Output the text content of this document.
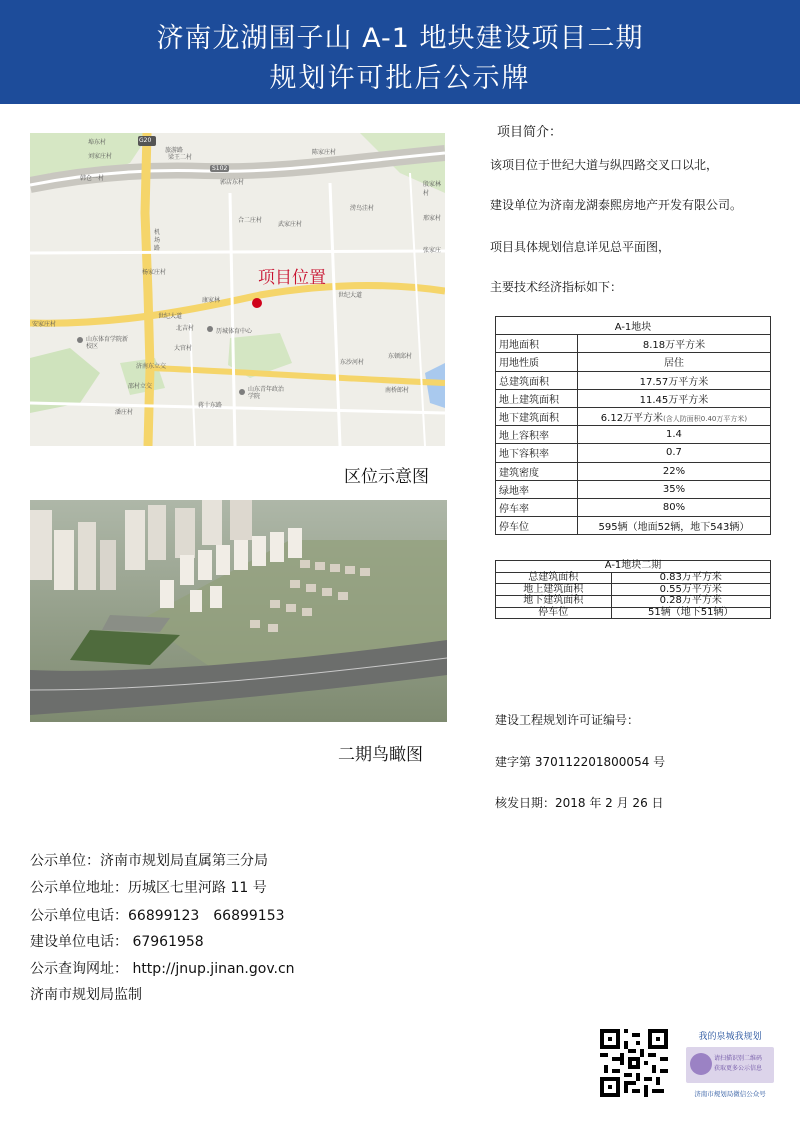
济南龙湖围子山 A-1 地块建设项目二期
规划许可批后公示牌
G20
S102
项目位置
埠东村
旅游路
刘家庄村
陈家庄村
韩仓一村
殷家林村
梁王二村
郭店东村
合二庄村
武家庄村
邢家村
涝鸟洼村
杨家庄村
张家庄
康家林
机场路
世纪大道
世纪大道
北吉村	历城体育中心
安家庄村
山东体育学院新校区	大官村
东沙河村
东顿邱村
济南东立交
邵村立交	山东青年政治学院
蒋十东路
潘庄村
南桥郎村
区位示意图
二期鸟瞰图
项目简介：
该项目位于世纪大道与纵四路交叉口以北，
建设单位为济南龙湖泰熙房地产开发有限公司。
项目具体规划信息详见总平面图，
主要技术经济指标如下：
A-1地块	
用地面积	8.18万平方米
用地性质	居住
总建筑面积	17.57万平方米
地上建筑面积	11.45万平方米
地下建筑面积	6.12万平方米(含人防面积0.40万平方米)
地上容积率	1.4
地下容积率	0.7
建筑密度	22%
绿地率	35%
停车率	80%
停车位	595辆（地面52辆，地下543辆）
A-1地块二期	
总建筑面积	0.83万平方米
地上建筑面积	0.55万平方米
地下建筑面积	0.28万平方米
停车位	51辆（地下51辆）
建设工程规划许可证编号：
建字第 370112201800054 号
核发日期：2018 年 2 月 26 日
公示单位：济南市规划局直属第三分局
公示单位地址：历城区七里河路 11 号
公示单位电话：66899123　66899153
建设单位电话： 67961958
公示查询网址： http://jnup.jinan.gov.cn
济南市规划局监制
我的泉城我规划
请扫描识别二维码
获取更多公示信息
济南市规划局微信公众号
